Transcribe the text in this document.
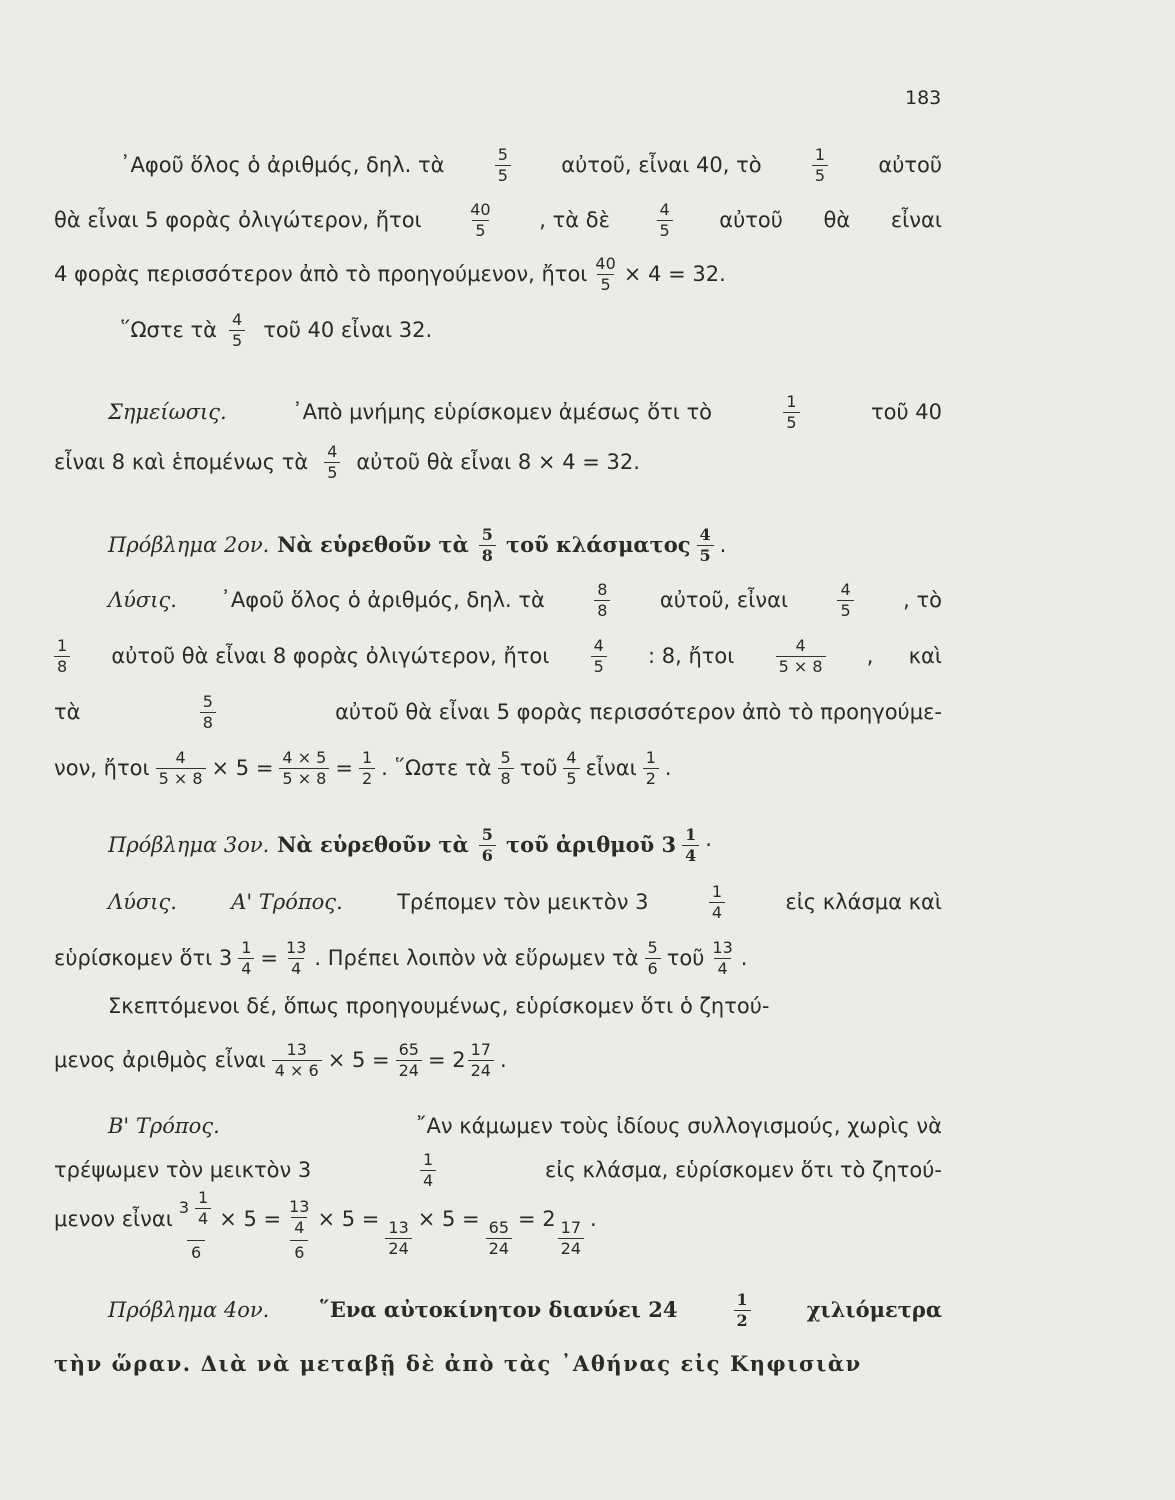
183
᾽Αφοῦ ὅλος ὁ ἀριθμός, δηλ. τὰ	$\frac{5}{5}$ αὐτοῦ, εἶναι 40, τὸ	$\frac{1}{5}$ αὐτοῦ
θὰ εἶναι 5 φορὰς ὀλιγώτερον, ἤτοι	$\frac{40}{5}$ , τὰ δὲ	$\frac{4}{5}$ αὐτοῦ θὰ εἶναι
4 φορὰς περισσότερον ἀπὸ τὸ προηγούμενον, ἤτοι $\frac{40}{5} \times 4 = 32$.
῞Ωστε τὰ $\frac{4}{5}$ τοῦ 40 εἶναι 32.
Σημείωσις.	᾽Απὸ μνήμης εὑρίσκομεν ἀμέσως ὅτι τὸ	$\frac{1}{5}$	τοῦ 40
εἶναι 8 καὶ ἑπομένως τὰ $\frac{4}{5}$ αὐτοῦ θὰ εἶναι 8 × 4 = 32.
Πρόβλημα 2ον. Νὰ εὑρεθοῦν τὰ $\frac{5}{8}$ τοῦ κλάσματος $\frac{4}{5}$ .
Λύσις. ᾽Αφοῦ ὅλος ὁ ἀριθμός, δηλ. τὰ	$\frac{8}{8}$ αὐτοῦ, εἶναι	$\frac{4}{5}$ , τὸ
$\frac{1}{8}$ αὐτοῦ θὰ εἶναι 8 φορὰς ὀλιγώτερον, ἤτοι	$\frac{4}{5}$ : 8, ἤτοι	$\frac{4}{5 \times 8}$ , καὶ
τὰ	$\frac{5}{8}$	αὐτοῦ θὰ εἶναι 5 φορὰς περισσότερον ἀπὸ τὸ προηγούμε-
νον, ἤτοι $\frac{4}{5 \times 8} \times 5 = \frac{4 \times 5}{5 \times 8} = \frac{1}{2}$ . ῞Ωστε τὰ $\frac{5}{8}$ τοῦ $\frac{4}{5}$ εἶναι $\frac{1}{2}$ .
Πρόβλημα 3ον. Νὰ εὑρεθοῦν τὰ $\frac{5}{6}$ τοῦ ἀριθμοῦ $3 \frac{1}{4}$ ·
Λύσις.	Α' Τρόπος.	Τρέπομεν τὸν μεικτὸν 3	$\frac{1}{4}$	εἰς κλάσμα καὶ
εὑρίσκομεν ὅτι $3 \frac{1}{4} = \frac{13}{4}$ . Πρέπει λοιπὸν νὰ εὕρωμεν τὰ $\frac{5}{6}$ τοῦ $\frac{13}{4}$ .
Σκεπτόμενοι δέ, ὅπως προηγουμένως, εὑρίσκομεν ὅτι ὁ ζητού-
μενος ἀριθμὸς εἶναι $\frac{13}{4 \times 6} \times 5 = \frac{65}{24} = 2 \frac{17}{24}$ .
Β' Τρόπος.	῎Αν κάμωμεν τοὺς ἰδίους συλλογισμούς, χωρὶς νὰ
τρέψωμεν τὸν μεικτὸν 3	$\frac{1}{4}$	εἰς κλάσμα, εὑρίσκομεν ὅτι τὸ ζητού-
μενον εἶναι $\frac{3 \frac{1}{4}}{6} \times 5 = \frac{\frac{13}{4}}{6} \times 5 = \frac{13}{24} \times 5 = \frac{65}{24} = 2 \frac{17}{24}$ .
Πρόβλημα 4ον. ῞Ενα αὐτοκίνητον διανύει 24	$\frac{1}{2}$	χιλιόμετρα
τὴν ὥραν. Διὰ νὰ μεταβῇ δὲ ἀπὸ τὰς ᾽Αθήνας εἰς Κηφισιὰν
